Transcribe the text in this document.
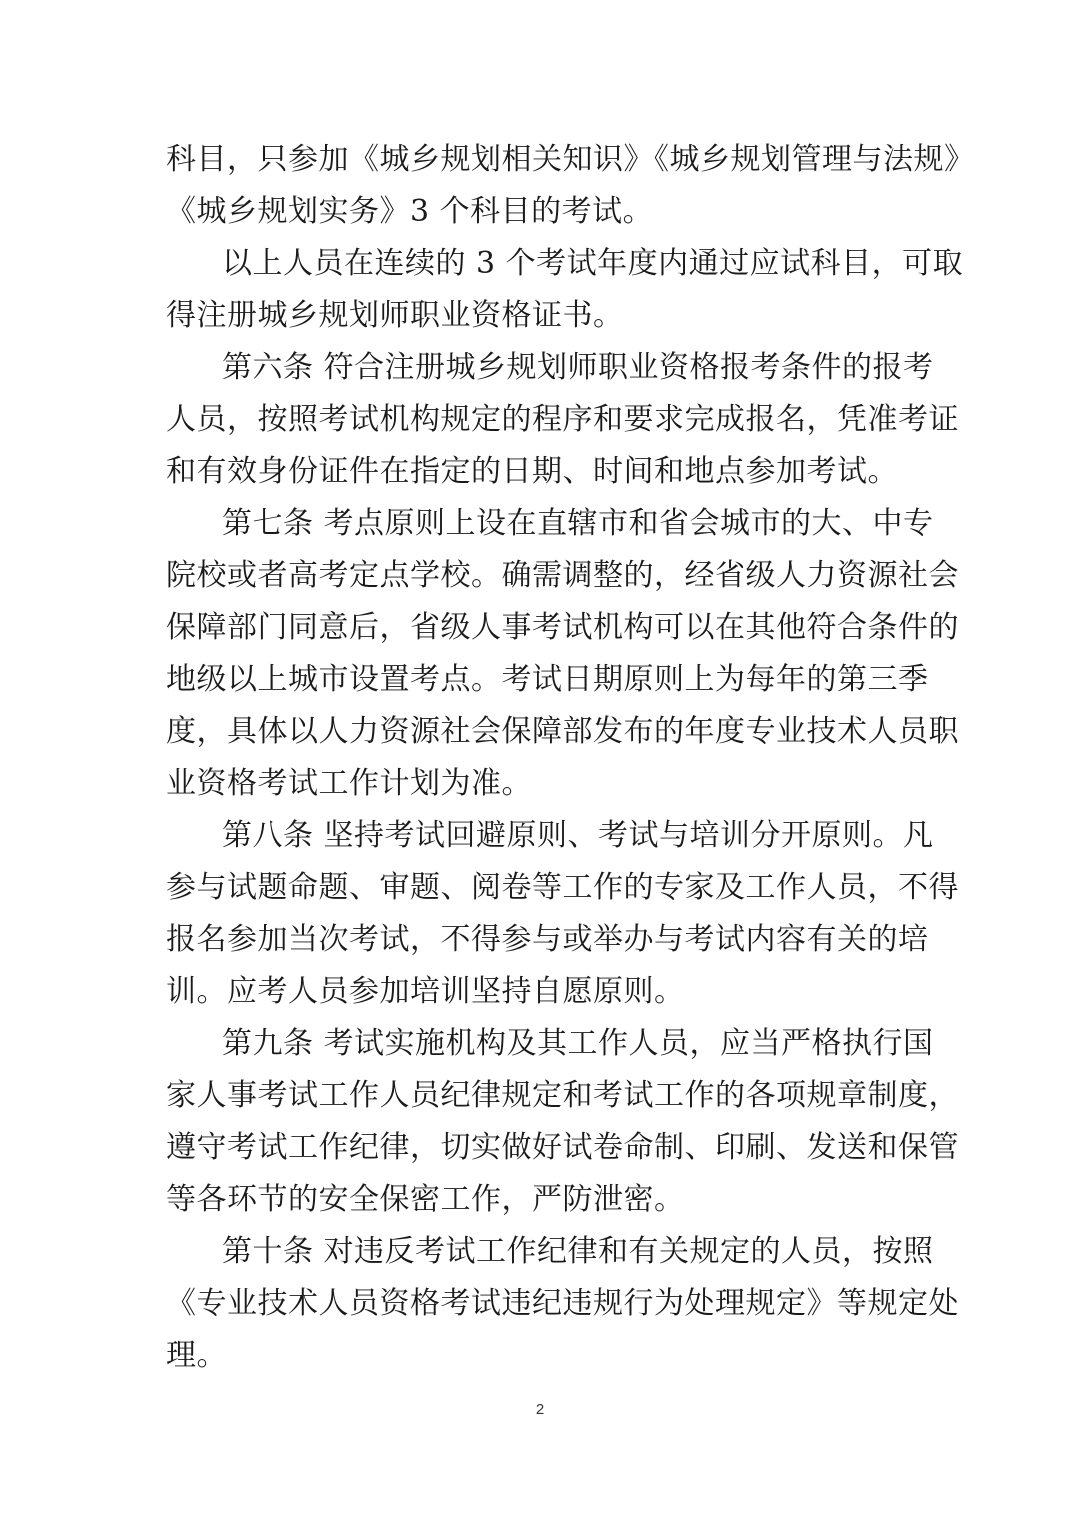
科目，只参加《城乡规划相关知识》《城乡规划管理与法规》
《城乡规划实务》3 个科目的考试。
以上人员在连续的 3 个考试年度内通过应试科目，可取
得注册城乡规划师职业资格证书。
第六条 符合注册城乡规划师职业资格报考条件的报考
人员，按照考试机构规定的程序和要求完成报名，凭准考证
和有效身份证件在指定的日期、时间和地点参加考试。
第七条 考点原则上设在直辖市和省会城市的大、中专
院校或者高考定点学校。确需调整的，经省级人力资源社会
保障部门同意后，省级人事考试机构可以在其他符合条件的
地级以上城市设置考点。考试日期原则上为每年的第三季
度，具体以人力资源社会保障部发布的年度专业技术人员职
业资格考试工作计划为准。
第八条 坚持考试回避原则、考试与培训分开原则。凡
参与试题命题、审题、阅卷等工作的专家及工作人员，不得
报名参加当次考试，不得参与或举办与考试内容有关的培
训。应考人员参加培训坚持自愿原则。
第九条 考试实施机构及其工作人员，应当严格执行国
家人事考试工作人员纪律规定和考试工作的各项规章制度，
遵守考试工作纪律，切实做好试卷命制、印刷、发送和保管
等各环节的安全保密工作，严防泄密。
第十条 对违反考试工作纪律和有关规定的人员，按照
《专业技术人员资格考试违纪违规行为处理规定》等规定处
理。
2
